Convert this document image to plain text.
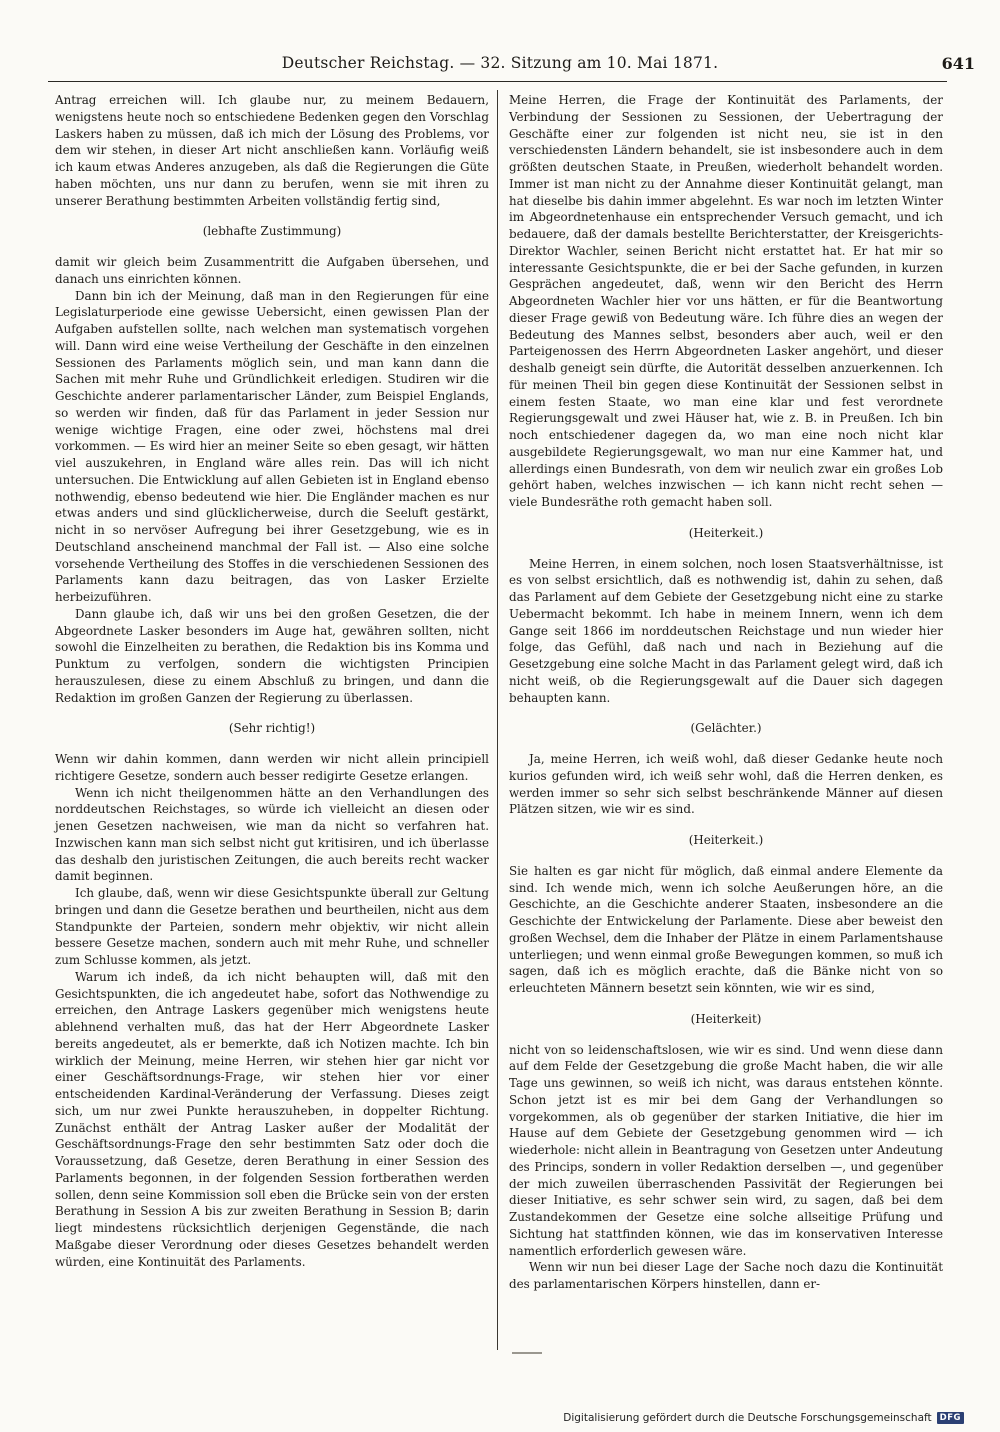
Deutscher Reichstag. — 32. Sitzung am 10. Mai 1871.	641

Antrag erreichen will. Ich glaube nur, zu meinem Bedauern, wenigstens heute noch so entschiedene Bedenken gegen den Vorschlag Laskers haben zu müssen, daß ich mich der Lösung des Problems, vor dem wir stehen, in dieser Art nicht anschließen kann. Vorläufig weiß ich kaum etwas Anderes anzugeben, als daß die Regierungen die Güte haben möchten, uns nur dann zu berufen, wenn sie mit ihren zu unserer Berathung bestimmten Arbeiten vollständig fertig sind,

(lebhafte Zustimmung)

damit wir gleich beim Zusammentritt die Aufgaben übersehen, und danach uns einrichten können.

Dann bin ich der Meinung, daß man in den Regierungen für eine Legislaturperiode eine gewisse Uebersicht, einen gewissen Plan der Aufgaben aufstellen sollte, nach welchen man systematisch vorgehen will. Dann wird eine weise Vertheilung der Geschäfte in den einzelnen Sessionen des Parlaments möglich sein, und man kann dann die Sachen mit mehr Ruhe und Gründlichkeit erledigen. Studiren wir die Geschichte anderer parlamentarischer Länder, zum Beispiel Englands, so werden wir finden, daß für das Parlament in jeder Session nur wenige wichtige Fragen, eine oder zwei, höchstens mal drei vorkommen. — Es wird hier an meiner Seite so eben gesagt, wir hätten viel auszukehren, in England wäre alles rein. Das will ich nicht untersuchen. Die Entwicklung auf allen Gebieten ist in England ebenso nothwendig, ebenso bedeutend wie hier. Die Engländer machen es nur etwas anders und sind glücklicherweise, durch die Seeluft gestärkt, nicht in so nervöser Aufregung bei ihrer Gesetzgebung, wie es in Deutschland anscheinend manchmal der Fall ist. — Also eine solche vorsehende Vertheilung des Stoffes in die verschiedenen Sessionen des Parlaments kann dazu beitragen, das von Lasker Erzielte herbeizuführen.

Dann glaube ich, daß wir uns bei den großen Gesetzen, die der Abgeordnete Lasker besonders im Auge hat, gewähren sollten, nicht sowohl die Einzelheiten zu berathen, die Redaktion bis ins Komma und Punktum zu verfolgen, sondern die wichtigsten Principien herauszulesen, diese zu einem Abschluß zu bringen, und dann die Redaktion im großen Ganzen der Regierung zu überlassen.

(Sehr richtig!)

Wenn wir dahin kommen, dann werden wir nicht allein principiell richtigere Gesetze, sondern auch besser redigirte Gesetze erlangen.

Wenn ich nicht theilgenommen hätte an den Verhandlungen des norddeutschen Reichstages, so würde ich vielleicht an diesen oder jenen Gesetzen nachweisen, wie man da nicht so verfahren hat. Inzwischen kann man sich selbst nicht gut kritisiren, und ich überlasse das deshalb den juristischen Zeitungen, die auch bereits recht wacker damit beginnen.

Ich glaube, daß, wenn wir diese Gesichtspunkte überall zur Geltung bringen und dann die Gesetze berathen und beurtheilen, nicht aus dem Standpunkte der Parteien, sondern mehr objektiv, wir nicht allein bessere Gesetze machen, sondern auch mit mehr Ruhe, und schneller zum Schlusse kommen, als jetzt.

Warum ich indeß, da ich nicht behaupten will, daß mit den Gesichtspunkten, die ich angedeutet habe, sofort das Nothwendige zu erreichen, den Antrage Laskers gegenüber mich wenigstens heute ablehnend verhalten muß, das hat der Herr Abgeordnete Lasker bereits angedeutet, als er bemerkte, daß ich Notizen machte. Ich bin wirklich der Meinung, meine Herren, wir stehen hier gar nicht vor einer Geschäftsordnungs-Frage, wir stehen hier vor einer entscheidenden Kardinal-Veränderung der Verfassung. Dieses zeigt sich, um nur zwei Punkte herauszuheben, in doppelter Richtung. Zunächst enthält der Antrag Lasker außer der Modalität der Geschäftsordnungs-Frage den sehr bestimmten Satz oder doch die Voraussetzung, daß Gesetze, deren Berathung in einer Session des Parlaments begonnen, in der folgenden Session fortberathen werden sollen, denn seine Kommission soll eben die Brücke sein von der ersten Berathung in Session A bis zur zweiten Berathung in Session B; darin liegt mindestens rücksichtlich derjenigen Gegenstände, die nach Maßgabe dieser Verordnung oder dieses Gesetzes behandelt werden würden, eine Kontinuität des Parlaments.

Meine Herren, die Frage der Kontinuität des Parlaments, der Verbindung der Sessionen zu Sessionen, der Uebertragung der Geschäfte einer zur folgenden ist nicht neu, sie ist in den verschiedensten Ländern behandelt, sie ist insbesondere auch in dem größten deutschen Staate, in Preußen, wiederholt behandelt worden. Immer ist man nicht zu der Annahme dieser Kontinuität gelangt, man hat dieselbe bis dahin immer abgelehnt. Es war noch im letzten Winter im Abgeordnetenhause ein entsprechender Versuch gemacht, und ich bedauere, daß der damals bestellte Berichterstatter, der Kreisgerichts-Direktor Wachler, seinen Bericht nicht erstattet hat. Er hat mir so interessante Gesichtspunkte, die er bei der Sache gefunden, in kurzen Gesprächen angedeutet, daß, wenn wir den Bericht des Herrn Abgeordneten Wachler hier vor uns hätten, er für die Beantwortung dieser Frage gewiß von Bedeutung wäre. Ich führe dies an wegen der Bedeutung des Mannes selbst, besonders aber auch, weil er den Parteigenossen des Herrn Abgeordneten Lasker angehört, und dieser deshalb geneigt sein dürfte, die Autorität desselben anzuerkennen. Ich für meinen Theil bin gegen diese Kontinuität der Sessionen selbst in einem festen Staate, wo man eine klar und fest verordnete Regierungsgewalt und zwei Häuser hat, wie z. B. in Preußen. Ich bin noch entschiedener dagegen da, wo man eine noch nicht klar ausgebildete Regierungsgewalt, wo man nur eine Kammer hat, und allerdings einen Bundesrath, von dem wir neulich zwar ein großes Lob gehört haben, welches inzwischen — ich kann nicht recht sehen — viele Bundesräthe roth gemacht haben soll.

(Heiterkeit.)

Meine Herren, in einem solchen, noch losen Staatsverhältnisse, ist es von selbst ersichtlich, daß es nothwendig ist, dahin zu sehen, daß das Parlament auf dem Gebiete der Gesetzgebung nicht eine zu starke Uebermacht bekommt. Ich habe in meinem Innern, wenn ich dem Gange seit 1866 im norddeutschen Reichstage und nun wieder hier folge, das Gefühl, daß nach und nach in Beziehung auf die Gesetzgebung eine solche Macht in das Parlament gelegt wird, daß ich nicht weiß, ob die Regierungsgewalt auf die Dauer sich dagegen behaupten kann.

(Gelächter.)

Ja, meine Herren, ich weiß wohl, daß dieser Gedanke heute noch kurios gefunden wird, ich weiß sehr wohl, daß die Herren denken, es werden immer so sehr sich selbst beschränkende Männer auf diesen Plätzen sitzen, wie wir es sind.

(Heiterkeit.)

Sie halten es gar nicht für möglich, daß einmal andere Elemente da sind. Ich wende mich, wenn ich solche Aeußerungen höre, an die Geschichte, an die Geschichte anderer Staaten, insbesondere an die Geschichte der Entwickelung der Parlamente. Diese aber beweist den großen Wechsel, dem die Inhaber der Plätze in einem Parlamentshause unterliegen; und wenn einmal große Bewegungen kommen, so muß ich sagen, daß ich es möglich erachte, daß die Bänke nicht von so erleuchteten Männern besetzt sein könnten, wie wir es sind,

(Heiterkeit)

nicht von so leidenschaftslosen, wie wir es sind. Und wenn diese dann auf dem Felde der Gesetzgebung die große Macht haben, die wir alle Tage uns gewinnen, so weiß ich nicht, was daraus entstehen könnte. Schon jetzt ist es mir bei dem Gang der Verhandlungen so vorgekommen, als ob gegenüber der starken Initiative, die hier im Hause auf dem Gebiete der Gesetzgebung genommen wird — ich wiederhole: nicht allein in Beantragung von Gesetzen unter Andeutung des Princips, sondern in voller Redaktion derselben —, und gegenüber der mich zuweilen überraschenden Passivität der Regierungen bei dieser Initiative, es sehr schwer sein wird, zu sagen, daß bei dem Zustandekommen der Gesetze eine solche allseitige Prüfung und Sichtung hat stattfinden können, wie das im konservativen Interesse namentlich erforderlich gewesen wäre.

Wenn wir nun bei dieser Lage der Sache noch dazu die Kontinuität des parlamentarischen Körpers hinstellen, dann er-

Digitalisierung gefördert durch die Deutsche Forschungsgemeinschaft DFG
